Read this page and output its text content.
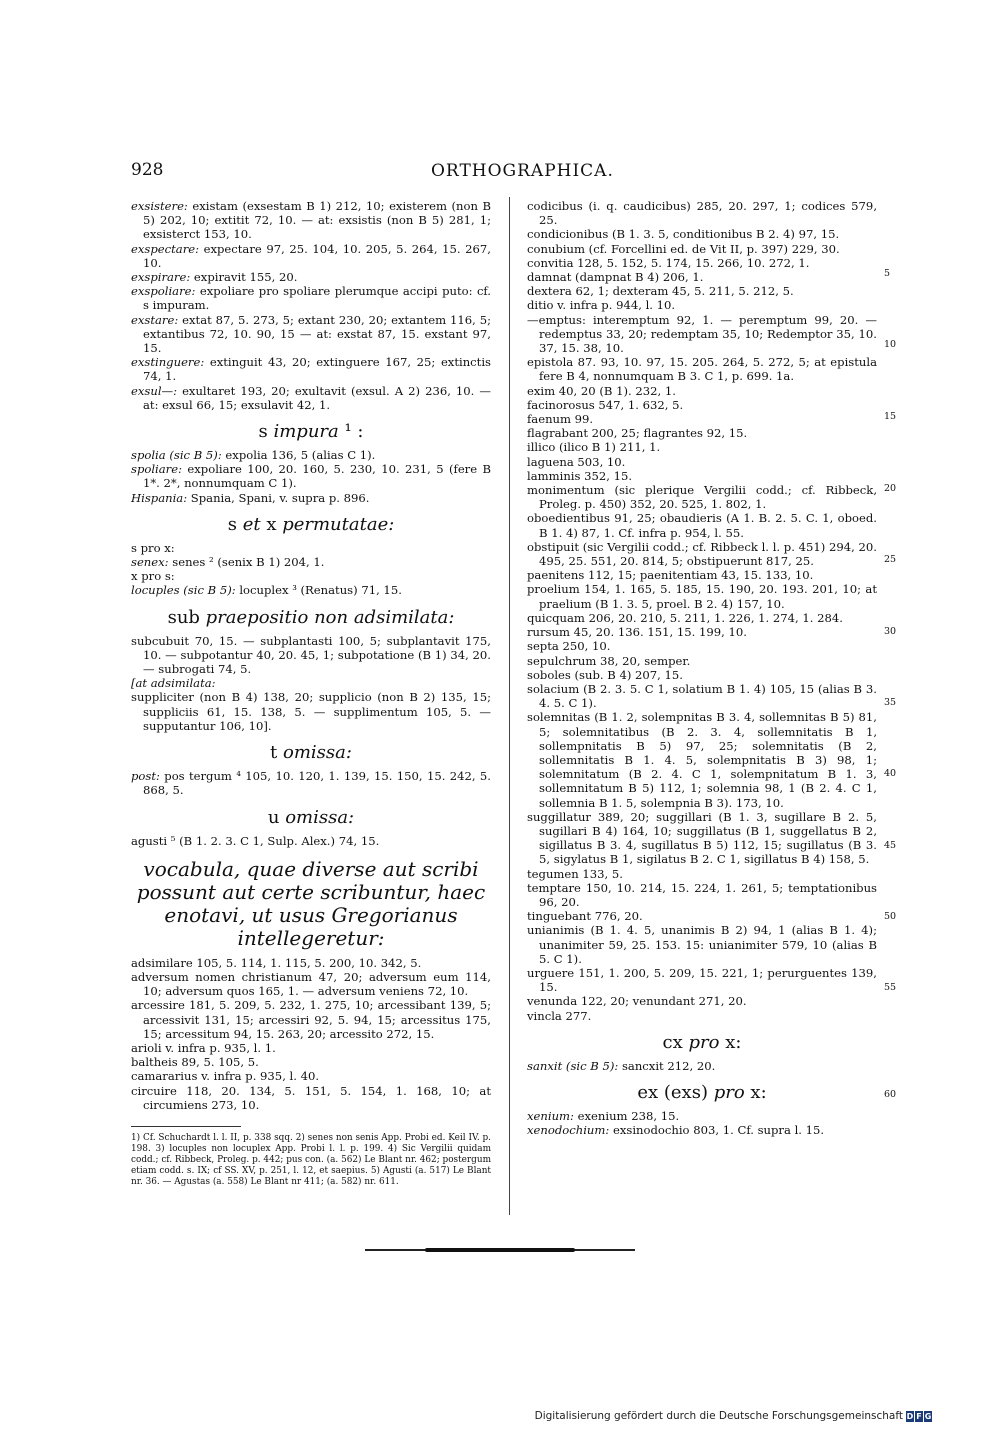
928	ORTHOGRAPHICA.

exsistere: existam (exsestam B 1) 212, 10; existerem (non B 5) 202, 10; extitit 72, 10. — at: exsistis (non B 5) 281, 1; exsisterct 153, 10.

exspectare: expectare 97, 25. 104, 10. 205, 5. 264, 15. 267, 10.

exspirare: expiravit 155, 20.

exspoliare: expoliare pro spoliare plerumque accipi puto: cf. s impuram.

exstare: extat 87, 5. 273, 5; extant 230, 20; extantem 116, 5; extantibus 72, 10. 90, 15 — at: exstat 87, 15. exstant 97, 15.

exstinguere: extinguit 43, 20; extinguere 167, 25; extinctis 74, 1.

exsul—: exultaret 193, 20; exultavit (exsul. A 2) 236, 10. — at: exsul 66, 15; exsulavit 42, 1.

s impura ¹ :

spolia (sic B 5): expolia 136, 5 (alias C 1).

spoliare: expoliare 100, 20. 160, 5. 230, 10. 231, 5 (fere B 1*. 2*, nonnumquam C 1).

Hispania: Spania, Spani, v. supra p. 896.

s et x permutatae:

s pro x:

senex: senes ² (senix B 1) 204, 1.

x pro s:

locuples (sic B 5): locuplex ³ (Renatus) 71, 15.

sub praepositio non adsimilata:

subcubuit 70, 15. — subplantasti 100, 5; subplantavit 175, 10. — subpotantur 40, 20. 45, 1; subpotatione (B 1) 34, 20. — subrogati 74, 5.

[at adsimilata:

suppliciter (non B 4) 138, 20; supplicio (non B 2) 135, 15; suppliciis 61, 15. 138, 5. — supplimentum 105, 5. — supputantur 106, 10].

t omissa:

post: pos tergum ⁴ 105, 10. 120, 1. 139, 15. 150, 15. 242, 5. 868, 5.

u omissa:

agusti ⁵ (B 1. 2. 3. C 1, Sulp. Alex.) 74, 15.

vocabula, quae diverse aut scribi possunt aut certe scribuntur, haec enotavi, ut usus Gregorianus intellegeretur:

adsimilare 105, 5. 114, 1. 115, 5. 200, 10. 342, 5.

adversum nomen christianum 47, 20; adversum eum 114, 10; adversum quos 165, 1. — adversum veniens 72, 10.

arcessire 181, 5. 209, 5. 232, 1. 275, 10; arcessibant 139, 5; arcessivit 131, 15; arcessiri 92, 5. 94, 15; arcessitus 175, 15; arcessitum 94, 15. 263, 20; arcessito 272, 15.

arioli v. infra p. 935, l. 1.

baltheis 89, 5. 105, 5.

camararius v. infra p. 935, l. 40.

circuire 118, 20. 134, 5. 151, 5. 154, 1. 168, 10; at circumiens 273, 10.

1) Cf. Schuchardt l. l. II, p. 338 sqq. 2) senes non senis App. Probi ed. Keil IV. p. 198. 3) locuples non locuplex App. Probi l. l. p. 199. 4) Sic Vergilii quidam codd.; cf. Ribbeck, Proleg. p. 442; pus con. (a. 562) Le Blant nr. 462; postergum etiam codd. s. IX; cf SS. XV, p. 251, l. 12, et saepius. 5) Agusti (a. 517) Le Blant nr. 36. — Agustas (a. 558) Le Blant nr 411; (a. 582) nr. 611.

codicibus (i. q. caudicibus) 285, 20. 297, 1; codices 579, 25.

condicionibus (B 1. 3. 5, conditionibus B 2. 4) 97, 15.

conubium (cf. Forcellini ed. de Vit II, p. 397) 229, 30.

convitia 128, 5. 152, 5. 174, 15. 266, 10. 272, 1.

damnat (dampnat B 4) 206, 1.

dextera 62, 1; dexteram 45, 5. 211, 5. 212, 5.

ditio v. infra p. 944, l. 10.

—emptus: interemptum 92, 1. — peremptum 99, 20. — redemptus 33, 20; redemptam 35, 10; Redemptor 35, 10. 37, 15. 38, 10.

epistola 87. 93, 10. 97, 15. 205. 264, 5. 272, 5; at epistula fere B 4, nonnumquam B 3. C 1, p. 699. 1a.

exim 40, 20 (B 1). 232, 1.

facinorosus 547, 1. 632, 5.

faenum 99.

flagrabant 200, 25; flagrantes 92, 15.

illico (ilico B 1) 211, 1.

laguena 503, 10.

lamminis 352, 15.

monimentum (sic plerique Vergilii codd.; cf. Ribbeck, Proleg. p. 450) 352, 20. 525, 1. 802, 1.

oboedientibus 91, 25; obaudieris (A 1. B. 2. 5. C. 1, oboed. B 1. 4) 87, 1. Cf. infra p. 954, l. 55.

obstipuit (sic Vergilii codd.; cf. Ribbeck l. l. p. 451) 294, 20. 495, 25. 551, 20. 814, 5; obstipuerunt 817, 25.

paenitens 112, 15; paenitentiam 43, 15. 133, 10.

proelium 154, 1. 165, 5. 185, 15. 190, 20. 193. 201, 10; at praelium (B 1. 3. 5, proel. B 2. 4) 157, 10.

quicquam 206, 20. 210, 5. 211, 1. 226, 1. 274, 1. 284.

rursum 45, 20. 136. 151, 15. 199, 10.

septa 250, 10.

sepulchrum 38, 20, semper.

soboles (sub. B 4) 207, 15.

solacium (B 2. 3. 5. C 1, solatium B 1. 4) 105, 15 (alias B 3. 4. 5. C 1).

solemnitas (B 1. 2, solempnitas B 3. 4, sollemnitas B 5) 81, 5; solemnitatibus (B 2. 3. 4, sollemnitatis B 1, sollempnitatis B 5) 97, 25; solemnitatis (B 2, sollemnitatis B 1. 4. 5, solempnitatis B 3) 98, 1; solemnitatum (B 2. 4. C 1, solempnitatum B 1. 3, sollemnitatum B 5) 112, 1; solemnia 98, 1 (B 2. 4. C 1, sollemnia B 1. 5, solempnia B 3). 173, 10.

suggillatur 389, 20; suggillari (B 1. 3, sugillare B 2. 5, sugillari B 4) 164, 10; suggillatus (B 1, suggellatus B 2, sigillatus B 3. 4, sugillatus B 5) 112, 15; sugillatus (B 3. 5, sigylatus B 1, sigilatus B 2. C 1, sigillatus B 4) 158, 5.

tegumen 133, 5.

temptare 150, 10. 214, 15. 224, 1. 261, 5; temptationibus 96, 20.

tinguebant 776, 20.

unianimis (B 1. 4. 5, unanimis B 2) 94, 1 (alias B 1. 4); unanimiter 59, 25. 153. 15: unianimiter 579, 10 (alias B 5. C 1).

urguere 151, 1. 200, 5. 209, 15. 221, 1; perurguentes 139, 15.

venunda 122, 20; venundant 271, 20.

vincla 277.

cx pro x:

sanxit (sic B 5): sancxit 212, 20.

ex (exs) pro x:

xenium: exenium 238, 15.

xenodochium: exsinodochio 803, 1. Cf. supra l. 15.

5
10
15
20
25
30
35
40
45
50
55
60
Digitalisierung gefördert durch die Deutsche Forschungsgemeinschaft D F G
